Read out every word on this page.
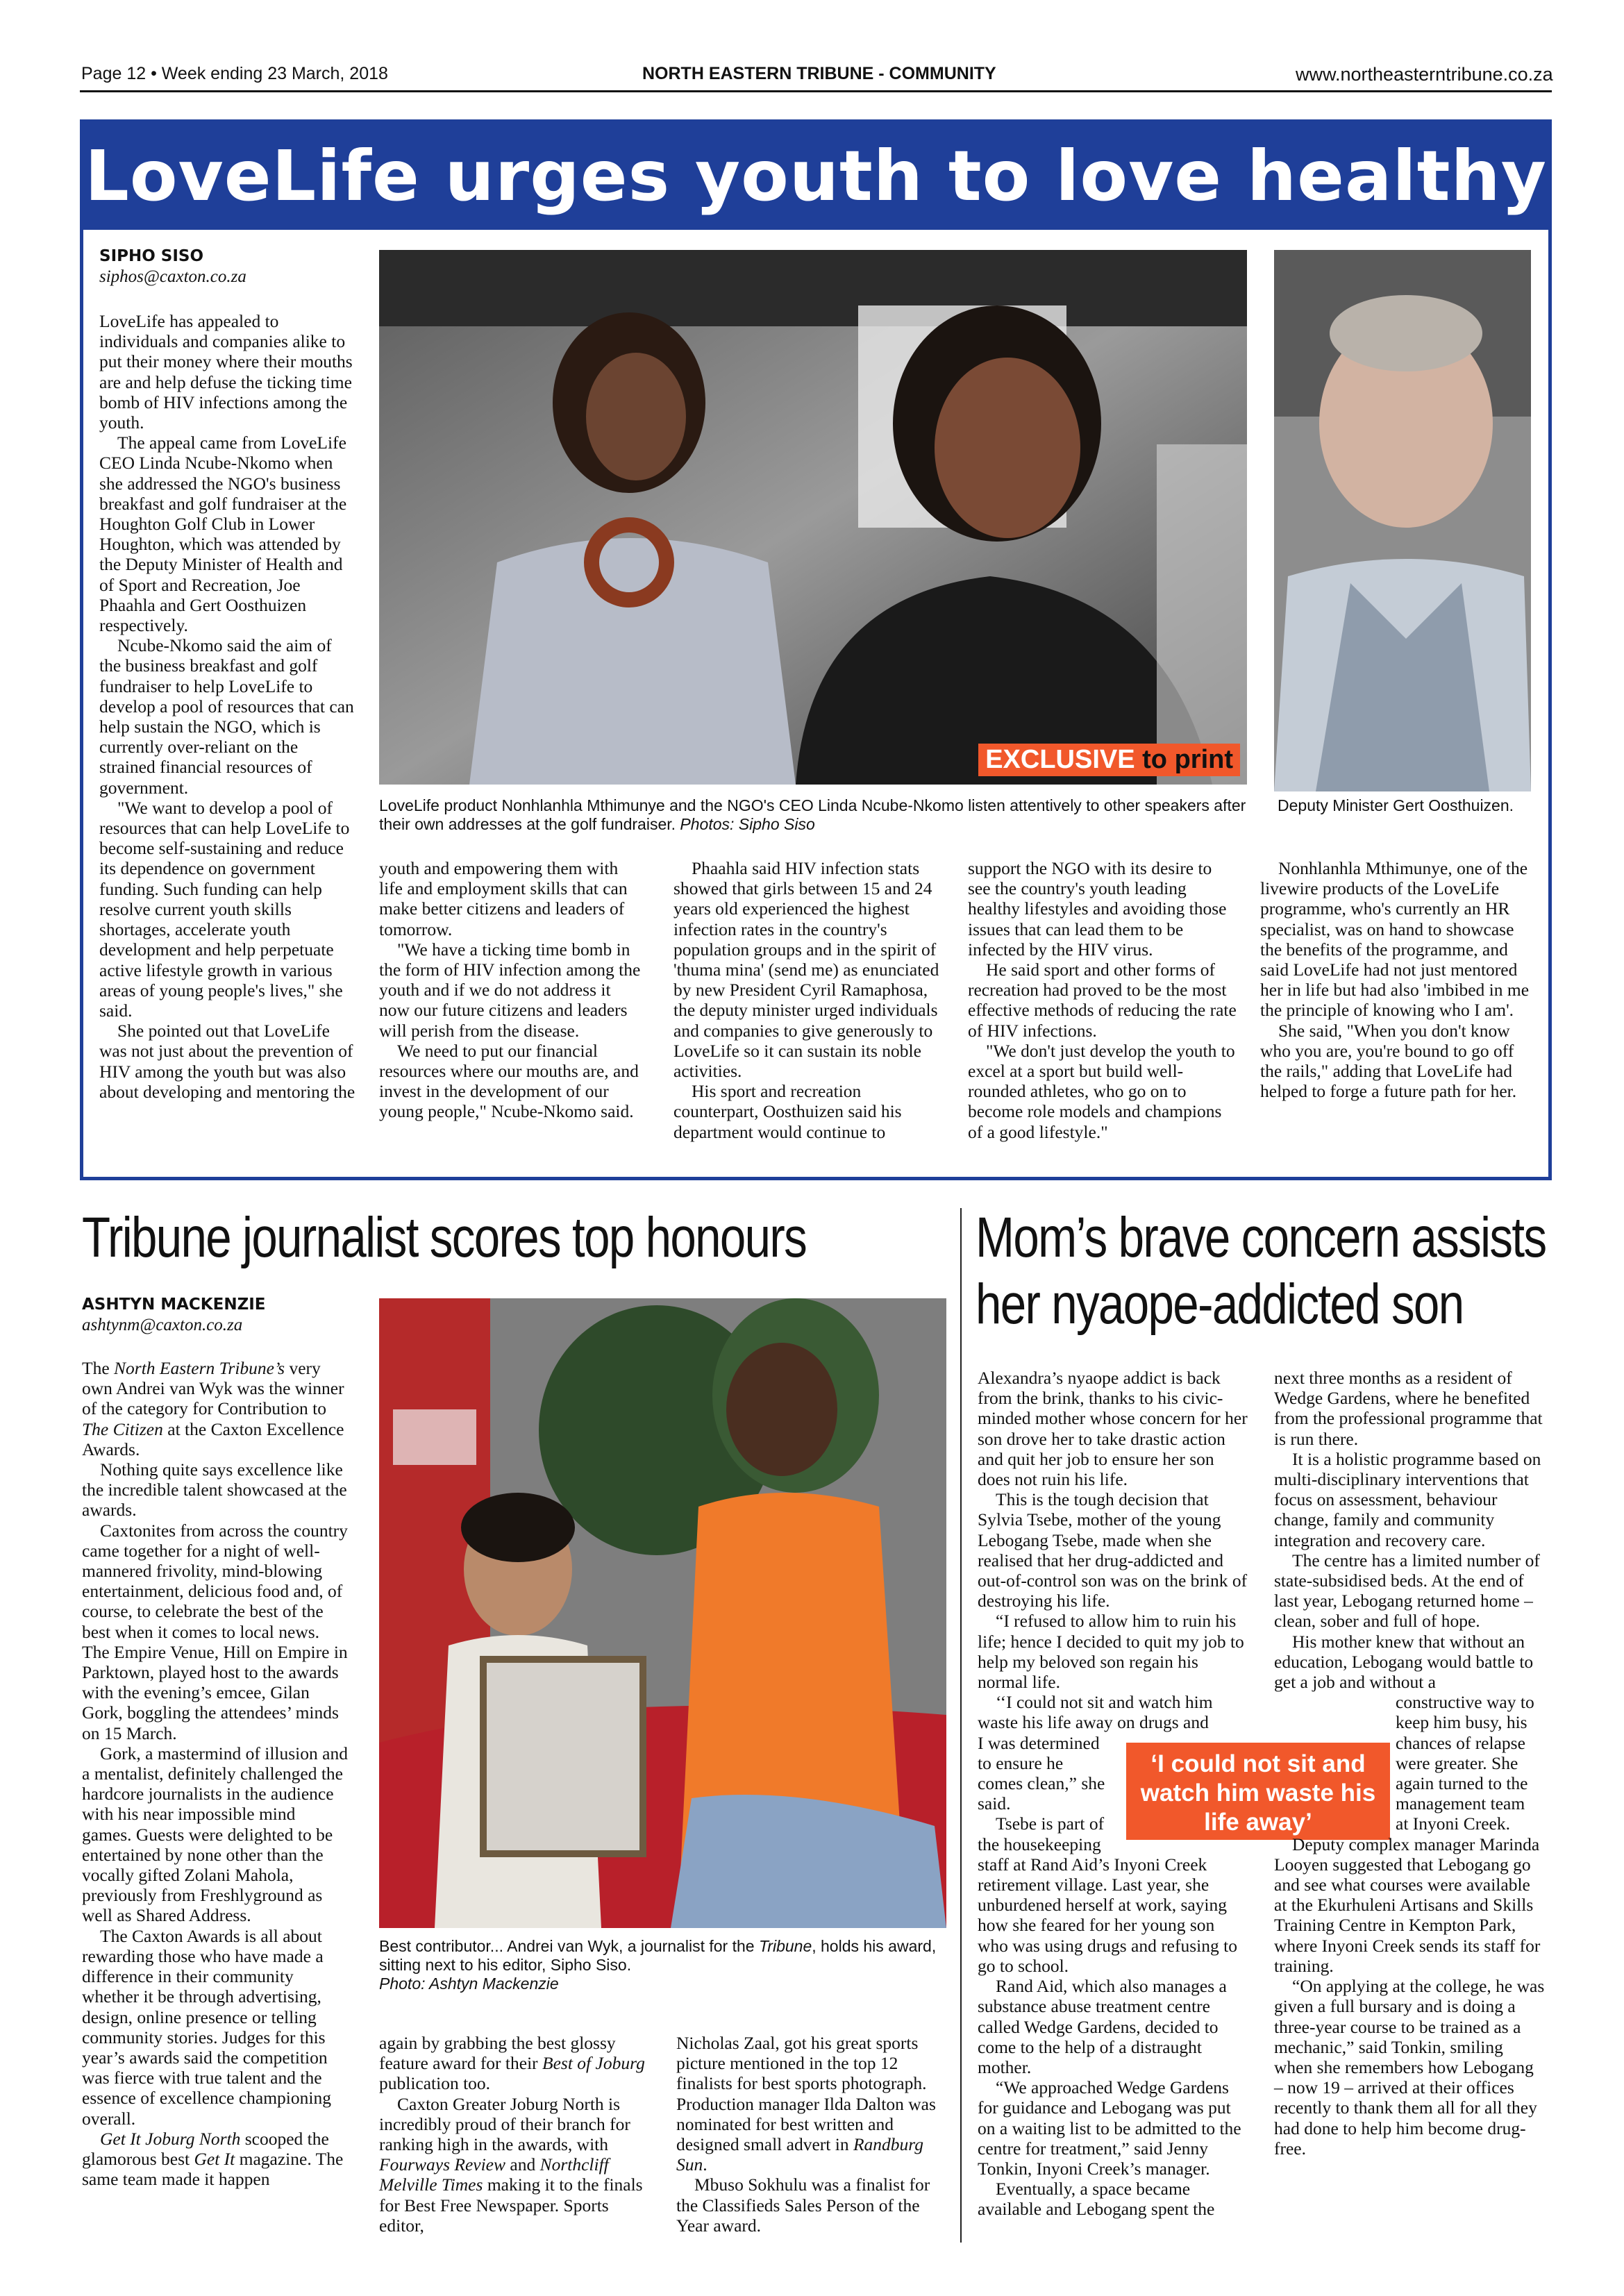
Page 12 • Week ending 23 March, 2018	NORTH EASTERN TRIBUNE - COMMUNITY	www.northeasterntribune.co.za
LoveLife urges youth to love healthy
SIPHO SISO
siphos@caxton.co.za

LoveLife has appealed to individuals and companies alike to put their money where their mouths are and help defuse the ticking time bomb of HIV infections among the youth.

The appeal came from LoveLife CEO Linda Ncube-Nkomo when she addressed the NGO's business breakfast and golf fundraiser at the Houghton Golf Club in Lower Houghton, which was attended by the Deputy Minister of Health and of Sport and Recreation, Joe Phaahla and Gert Oosthuizen respectively.

Ncube-Nkomo said the aim of the business breakfast and golf fundraiser to help LoveLife to develop a pool of resources that can help sustain the NGO, which is currently over-reliant on the strained financial resources of government.

"We want to develop a pool of resources that can help LoveLife to become self-sustaining and reduce its dependence on government funding. Such funding can help resolve current youth skills shortages, accelerate youth development and help perpetuate active lifestyle growth in various areas of young people's lives," she said.

She pointed out that LoveLife was not just about the prevention of HIV among the youth but was also about developing and mentoring the

EXCLUSIVE to print
LoveLife product Nonhlanhla Mthimunye and the NGO's CEO Linda Ncube-Nkomo listen attentively to other speakers after their own addresses at the golf fundraiser. Photos: Sipho Siso
Deputy Minister Gert Oosthuizen.

youth and empowering them with life and employment skills that can make better citizens and leaders of tomorrow.

"We have a ticking time bomb in the form of HIV infection among the youth and if we do not address it now our future citizens and leaders will perish from the disease.

We need to put our financial resources where our mouths are, and invest in the development of our young people," Ncube-Nkomo said.

Phaahla said HIV infection stats showed that girls between 15 and 24 years old experienced the highest infection rates in the country's population groups and in the spirit of 'thuma mina' (send me) as enunciated by new President Cyril Ramaphosa, the deputy minister urged individuals and companies to give generously to LoveLife so it can sustain its noble activities.

His sport and recreation counterpart, Oosthuizen said his department would continue to

support the NGO with its desire to see the country's youth leading healthy lifestyles and avoiding those issues that can lead them to be infected by the HIV virus.

He said sport and other forms of recreation had proved to be the most effective methods of reducing the rate of HIV infections.

"We don't just develop the youth to excel at a sport but build well-rounded athletes, who go on to become role models and champions of a good lifestyle."

Nonhlanhla Mthimunye, one of the livewire products of the LoveLife programme, who's currently an HR specialist, was on hand to showcase the benefits of the programme, and said LoveLife had not just mentored her in life but had also 'imbibed in me the principle of knowing who I am'.

She said, "When you don't know who you are, you're bound to go off the rails," adding that LoveLife had helped to forge a future path for her.

Tribune journalist scores top honours
ASHTYN MACKENZIE
ashtynm@caxton.co.za

The North Eastern Tribune’s very own Andrei van Wyk was the winner of the category for Contribution to The Citizen at the Caxton Excellence Awards.

Nothing quite says excellence like the incredible talent showcased at the awards.

Caxtonites from across the country came together for a night of well-mannered frivolity, mind-blowing entertainment, delicious food and, of course, to celebrate the best of the best when it comes to local news. The Empire Venue, Hill on Empire in Parktown, played host to the awards with the evening’s emcee, Gilan Gork, boggling the attendees’ minds on 15 March.

Gork, a mastermind of illusion and a mentalist, definitely challenged the hardcore journalists in the audience with his near impossible mind games. Guests were delighted to be entertained by none other than the vocally gifted Zolani Mahola, previously from Freshlyground as well as Shared Address.

The Caxton Awards is all about rewarding those who have made a difference in their community whether it be through advertising, design, online presence or telling community stories. Judges for this year’s awards said the competition was fierce with true talent and the essence of excellence championing overall.

Get It Joburg North scooped the glamorous best Get It magazine. The same team made it happen

Best contributor... Andrei van Wyk, a journalist for the Tribune, holds his award, sitting next to his editor, Sipho Siso.
Photo: Ashtyn Mackenzie

again by grabbing the best glossy feature award for their Best of Joburg publication too.

Caxton Greater Joburg North is incredibly proud of their branch for ranking high in the awards, with Fourways Review and Northcliff Melville Times making it to the finals for Best Free Newspaper. Sports editor,

Nicholas Zaal, got his great sports picture mentioned in the top 12 finalists for best sports photograph. Production manager Ilda Dalton was nominated for best written and designed small advert in Randburg Sun.

Mbuso Sokhulu was a finalist for the Classifieds Sales Person of the Year award.

Mom’s brave concern assists
her nyaope-addicted son

Alexandra’s nyaope addict is back from the brink, thanks to his civic-minded mother whose concern for her son drove her to take drastic action and quit her job to ensure her son does not ruin his life.

This is the tough decision that Sylvia Tsebe, mother of the young Lebogang Tsebe, made when she realised that her drug-addicted and out-of-control son was on the brink of destroying his life.

“I refused to allow him to ruin his life; hence I decided to quit my job to help my beloved son regain his normal life.

‘‘I could not sit and watch him waste his life away on drugs and

I was determined
to ensure he
comes clean,” she
said.
Tsebe is part of
the housekeeping

staff at Rand Aid’s Inyoni Creek retirement village. Last year, she unburdened herself at work, saying how she feared for her young son who was using drugs and refusing to go to school.

Rand Aid, which also manages a substance abuse treatment centre called Wedge Gardens, decided to come to the help of a distraught mother.

“We approached Wedge Gardens for guidance and Lebogang was put on a waiting list to be admitted to the centre for treatment,” said Jenny Tonkin, Inyoni Creek’s manager.

Eventually, a space became available and Lebogang spent the

‘I could not sit and watch him waste his life away’

next three months as a resident of Wedge Gardens, where he benefited from the professional programme that is run there.

It is a holistic programme based on multi-disciplinary interventions that focus on assessment, behaviour change, family and community integration and recovery care.

The centre has a limited number of state-subsidised beds. At the end of last year, Lebogang returned home – clean, sober and full of hope.

His mother knew that without an education, Lebogang would battle to get a job and without a

constructive way to
keep him busy, his
chances of relapse
were greater. She
again turned to the
management team
at Inyoni Creek.

Deputy complex manager Marinda Looyen suggested that Lebogang go and see what courses were available at the Ekurhuleni Artisans and Skills Training Centre in Kempton Park, where Inyoni Creek sends its staff for training.

“On applying at the college, he was given a full bursary and is doing a three-year course to be trained as a mechanic,” said Tonkin, smiling when she remembers how Lebogang – now 19 – arrived at their offices recently to thank them all for all they had done to help him become drug-free.
